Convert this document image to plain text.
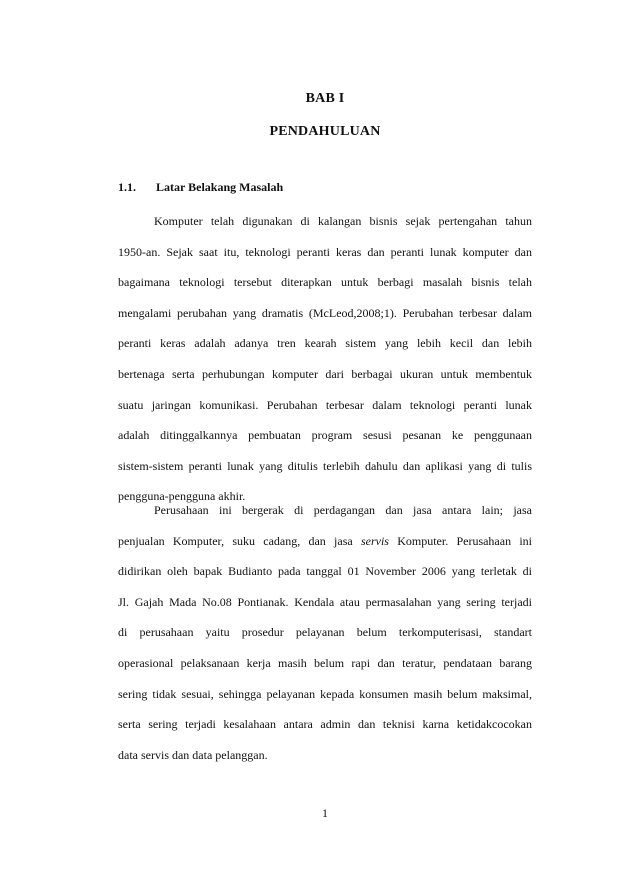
BAB I
PENDAHULUAN
1.1. Latar Belakang Masalah
Komputer telah digunakan di kalangan bisnis sejak pertengahan tahun
1950-an. Sejak saat itu, teknologi peranti keras dan peranti lunak komputer dan
bagaimana teknologi tersebut diterapkan untuk berbagi masalah bisnis telah
mengalami perubahan yang dramatis (McLeod,2008;1). Perubahan terbesar dalam
peranti keras adalah adanya tren kearah sistem yang lebih kecil dan lebih
bertenaga serta perhubungan komputer dari berbagai ukuran untuk membentuk
suatu jaringan komunikasi. Perubahan terbesar dalam teknologi peranti lunak
adalah ditinggalkannya pembuatan program sesusi pesanan ke penggunaan
sistem-sistem peranti lunak yang ditulis terlebih dahulu dan aplikasi yang di tulis
pengguna-pengguna akhir.
Perusahaan ini bergerak di perdagangan dan jasa antara lain; jasa
penjualan Komputer, suku cadang, dan jasa servis Komputer. Perusahaan ini
didirikan oleh bapak Budianto pada tanggal 01 November 2006 yang terletak di
Jl. Gajah Mada No.08 Pontianak. Kendala atau permasalahan yang sering terjadi
di perusahaan yaitu prosedur pelayanan belum terkomputerisasi, standart
operasional pelaksanaan kerja masih belum rapi dan teratur, pendataan barang
sering tidak sesuai, sehingga pelayanan kepada konsumen masih belum maksimal,
serta sering terjadi kesalahaan antara admin dan teknisi karna ketidakcocokan
data servis dan data pelanggan.
1
